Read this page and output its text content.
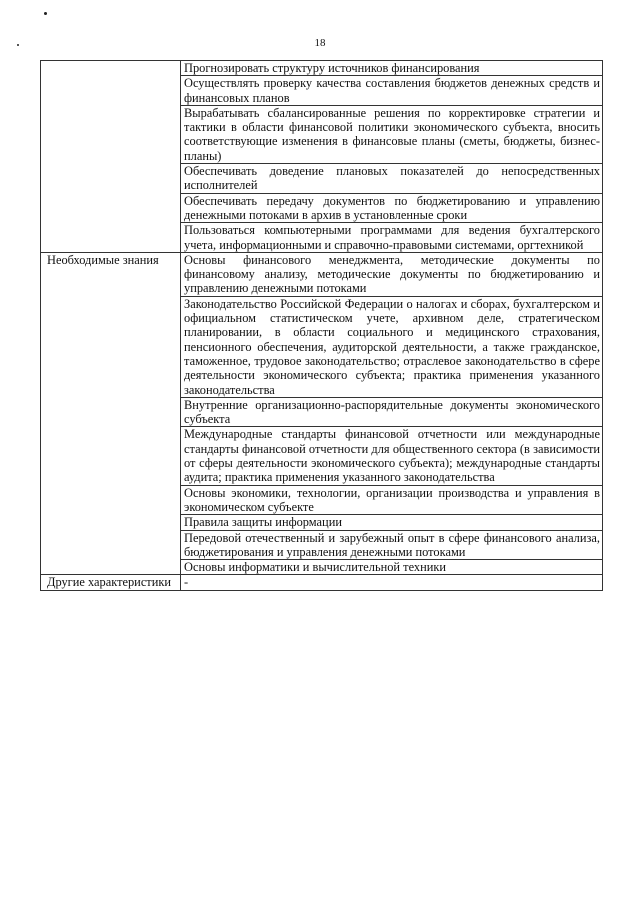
18
	Прогнозировать структуру источников финансирования
	Осуществлять проверку качества составления бюджетов денежных средств и финансовых планов
	Вырабатывать сбалансированные решения по корректировке стратегии и тактики в области финансовой политики экономического субъекта, вносить соответствующие изменения в финансовые планы (сметы, бюджеты, бизнес-планы)
	Обеспечивать доведение плановых показателей до непосредственных исполнителей
	Обеспечивать передачу документов по бюджетированию и управлению денежными потоками в архив в установленные сроки
	Пользоваться компьютерными программами для ведения бухгалтерского учета, информационными и справочно-правовыми системами, оргтехникой
Необходимые знания	Основы финансового менеджмента, методические документы по финансовому анализу, методические документы по бюджетированию и управлению денежными потоками
	Законодательство Российской Федерации о налогах и сборах, бухгалтерском и официальном статистическом учете, архивном деле, стратегическом планировании, в области социального и медицинского страхования, пенсионного обеспечения, аудиторской деятельности, а также гражданское, таможенное, трудовое законодательство; отраслевое законодательство в сфере деятельности экономического субъекта; практика применения указанного законодательства
	Внутренние организационно-распорядительные документы экономического субъекта
	Международные стандарты финансовой отчетности или международные стандарты финансовой отчетности для общественного сектора (в зависимости от сферы деятельности экономического субъекта); международные стандарты аудита; практика применения указанного законодательства
	Основы экономики, технологии, организации производства и управления в экономическом субъекте
	Правила защиты информации
	Передовой отечественный и зарубежный опыт в сфере финансового анализа, бюджетирования и управления денежными потоками
	Основы информатики и вычислительной техники
Другие характеристики	-
